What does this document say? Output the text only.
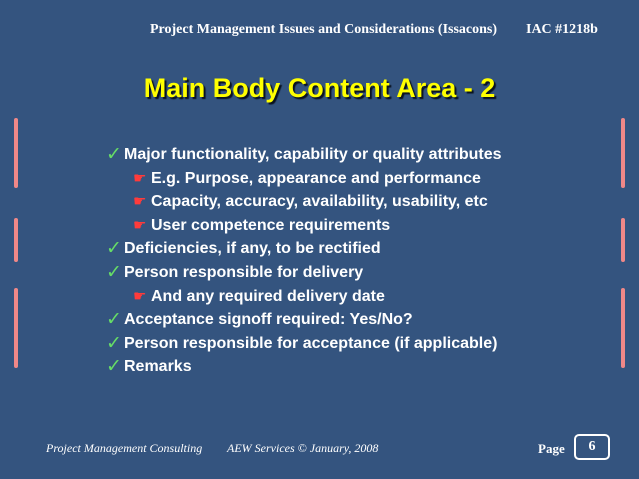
Project Management Issues and Considerations (Issacons) IAC #1218b
Main Body Content Area - 2
✓ Major functionality, capability or quality attributes
☛ E.g. Purpose, appearance and performance
☛ Capacity, accuracy, availability, usability, etc
☛ User competence requirements
✓ Deficiencies, if any, to be rectified
✓ Person responsible for delivery
☛ And any required delivery date
✓ Acceptance signoff required: Yes/No?
✓ Person responsible for acceptance (if applicable)
✓ Remarks
Project Management Consulting AEW Services © January, 2008	Page 6
